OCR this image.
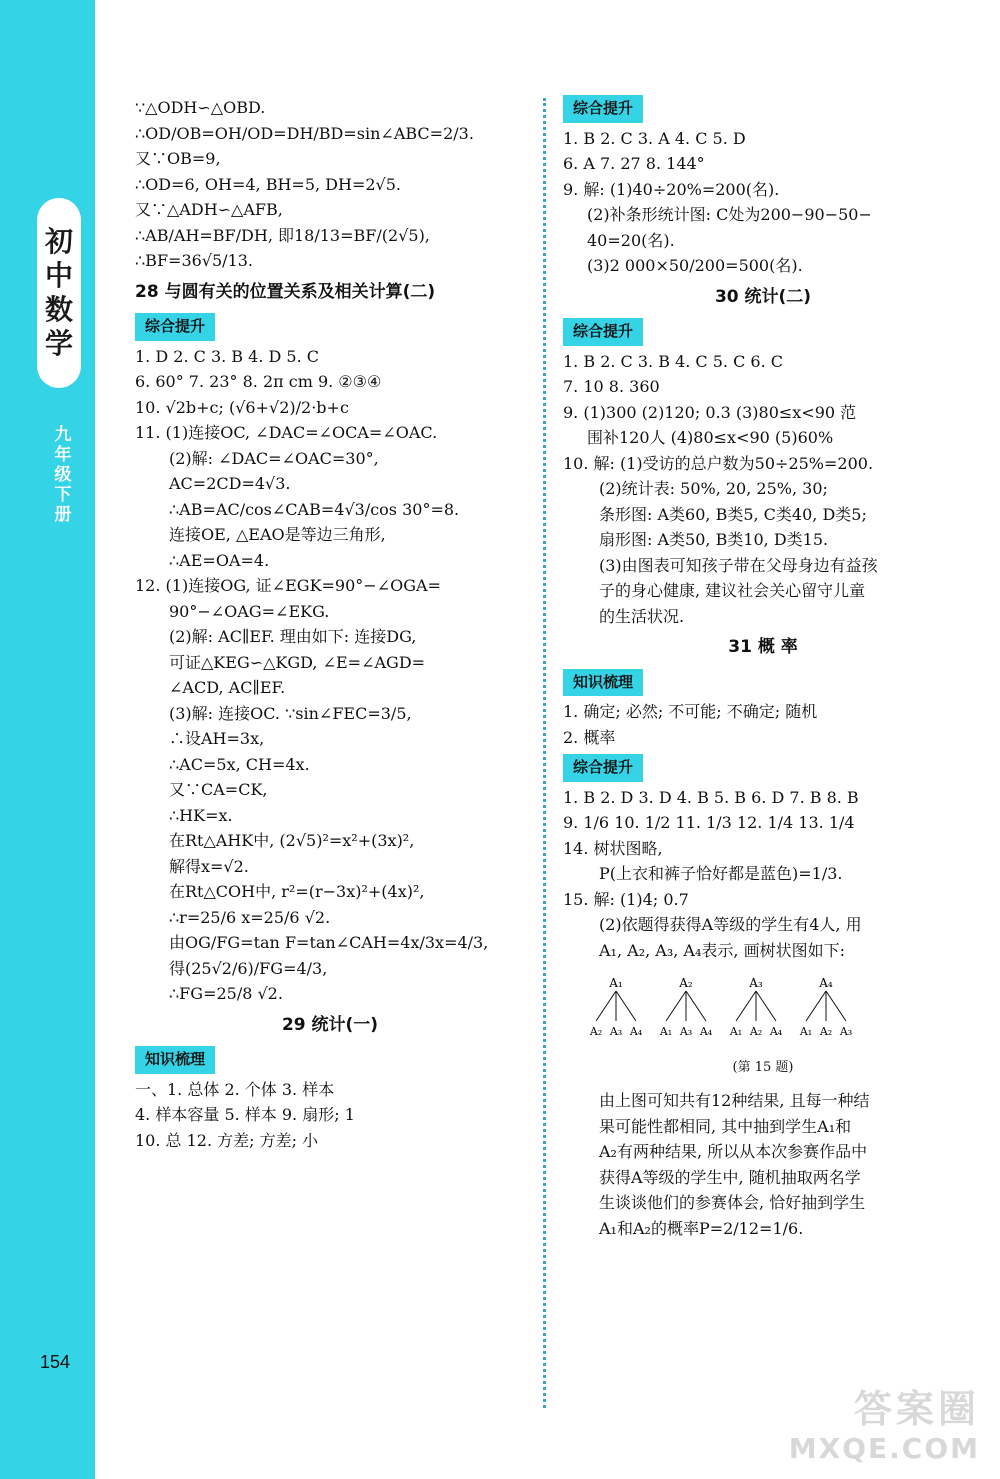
初
中
数
学
九
年
级
下
册
154
∵△ODH∽△OBD.
∴OD/OB=OH/OD=DH/BD=sin∠ABC=2/3.
又∵OB=9,
∴OD=6, OH=4, BH=5, DH=2√5.
又∵△ADH∽△AFB,
∴AB/AH=BF/DH, 即18/13=BF/(2√5),
∴BF=36√5/13.
28 与圆有关的位置关系及相关计算(二)
综合提升
1. D 2. C 3. B 4. D 5. C
6. 60° 7. 23° 8. 2π cm 9. ②③④
10. √2b+c; (√6+√2)/2·b+c
11. (1)连接OC, ∠DAC=∠OCA=∠OAC.
(2)解: ∠DAC=∠OAC=30°,
AC=2CD=4√3.
∴AB=AC/cos∠CAB=4√3/cos 30°=8.
连接OE, △EAO是等边三角形,
∴AE=OA=4.
12. (1)连接OG, 证∠EGK=90°−∠OGA=
90°−∠OAG=∠EKG.
(2)解: AC∥EF. 理由如下: 连接DG,
可证△KEG∽△KGD, ∠E=∠AGD=
∠ACD, AC∥EF.
(3)解: 连接OC. ∵sin∠FEC=3/5,
∴设AH=3x,
∴AC=5x, CH=4x.
又∵CA=CK,
∴HK=x.
在Rt△AHK中, (2√5)²=x²+(3x)²,
解得x=√2.
在Rt△COH中, r²=(r−3x)²+(4x)²,
∴r=25/6 x=25/6 √2.
由OG/FG=tan F=tan∠CAH=4x/3x=4/3,
得(25√2/6)/FG=4/3,
∴FG=25/8 √2.
29 统计(一)
知识梳理
一、1. 总体 2. 个体 3. 样本
4. 样本容量 5. 样本 9. 扇形; 1
10. 总 12. 方差; 方差; 小
综合提升
1. B 2. C 3. A 4. C 5. D
6. A 7. 27 8. 144°
9. 解: (1)40÷20%=200(名).
(2)补条形统计图: C处为200−90−50−
40=20(名).
(3)2 000×50/200=500(名).
30 统计(二)
综合提升
1. B 2. C 3. B 4. C 5. C 6. C
7. 10 8. 360
9. (1)300 (2)120; 0.3 (3)80≤x<90 范
围补120人 (4)80≤x<90 (5)60%
10. 解: (1)受访的总户数为50÷25%=200.
(2)统计表: 50%, 20, 25%, 30;
条形图: A类60, B类5, C类40, D类5;
扇形图: A类50, B类10, D类15.
(3)由图表可知孩子带在父母身边有益孩
子的身心健康, 建议社会关心留守儿童
的生活状况.
31 概 率
知识梳理
1. 确定; 必然; 不可能; 不确定; 随机
2. 概率
综合提升
1. B 2. D 3. D 4. B 5. B 6. D 7. B 8. B
9. 1/6 10. 1/2 11. 1/3 12. 1/4 13. 1/4
14. 树状图略,
P(上衣和裤子恰好都是蓝色)=1/3.
15. 解: (1)4; 0.7
(2)依题得获得A等级的学生有4人, 用
A₁, A₂, A₃, A₄表示, 画树状图如下:
A₁
A₂ A₃ A₄
A₂
A₁ A₃ A₄
A₃
A₁ A₂ A₄
A₄
A₁ A₂ A₃
(第 15 题)
由上图可知共有12种结果, 且每一种结
果可能性都相同, 其中抽到学生A₁和
A₂有两种结果, 所以从本次参赛作品中
获得A等级的学生中, 随机抽取两名学
生谈谈他们的参赛体会, 恰好抽到学生
A₁和A₂的概率P=2/12=1/6.
答案圈
MXQE.COM
